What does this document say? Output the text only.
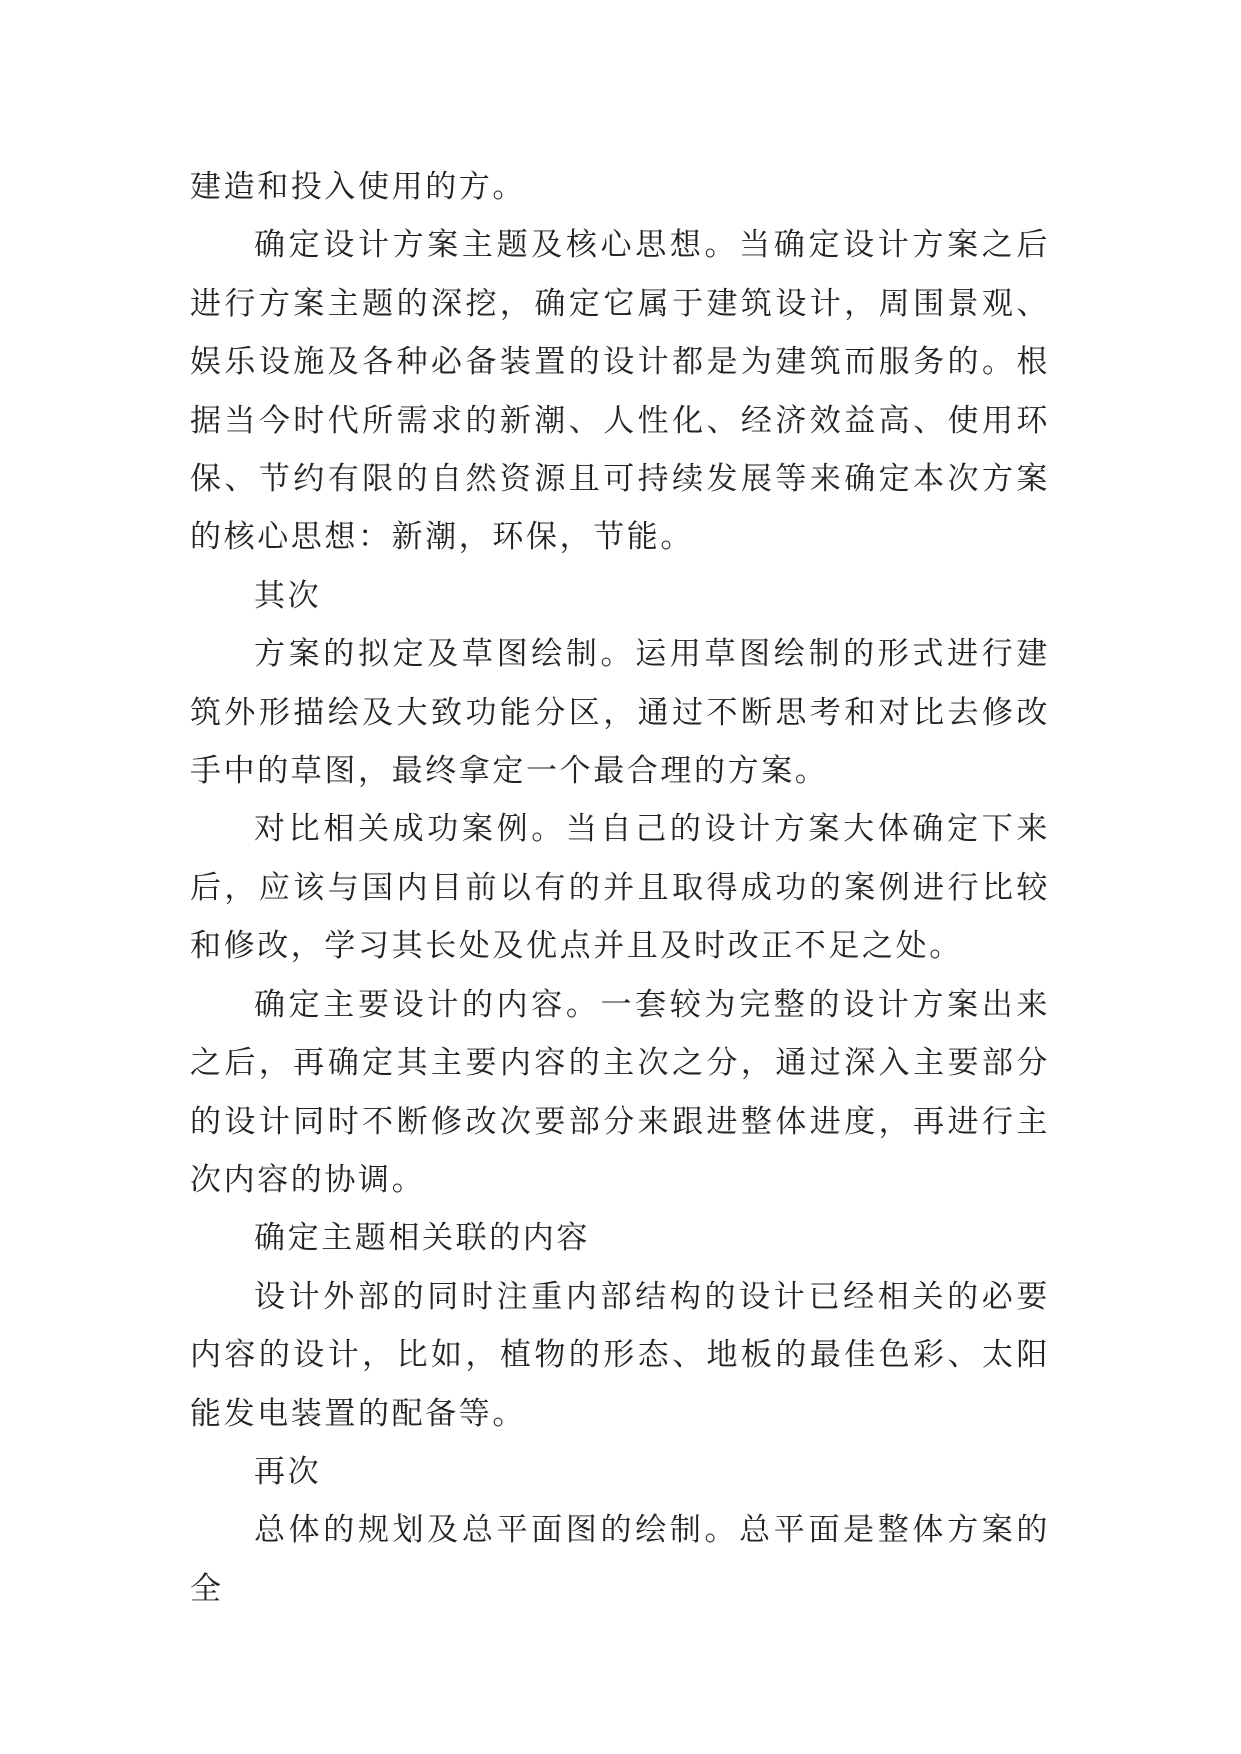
建造和投入使用的方。

确定设计方案主题及核心思想。当确定设计方案之后进行方案主题的深挖，确定它属于建筑设计，周围景观、娱乐设施及各种必备装置的设计都是为建筑而服务的。根据当今时代所需求的新潮、人性化、经济效益高、使用环保、节约有限的自然资源且可持续发展等来确定本次方案的核心思想：新潮，环保，节能。

其次

方案的拟定及草图绘制。运用草图绘制的形式进行建筑外形描绘及大致功能分区，通过不断思考和对比去修改手中的草图，最终拿定一个最合理的方案。

对比相关成功案例。当自己的设计方案大体确定下来后，应该与国内目前以有的并且取得成功的案例进行比较和修改，学习其长处及优点并且及时改正不足之处。

确定主要设计的内容。一套较为完整的设计方案出来之后，再确定其主要内容的主次之分，通过深入主要部分的设计同时不断修改次要部分来跟进整体进度，再进行主次内容的协调。

确定主题相关联的内容

设计外部的同时注重内部结构的设计已经相关的必要内容的设计，比如，植物的形态、地板的最佳色彩、太阳能发电装置的配备等。

再次

总体的规划及总平面图的绘制。总平面是整体方案的全
